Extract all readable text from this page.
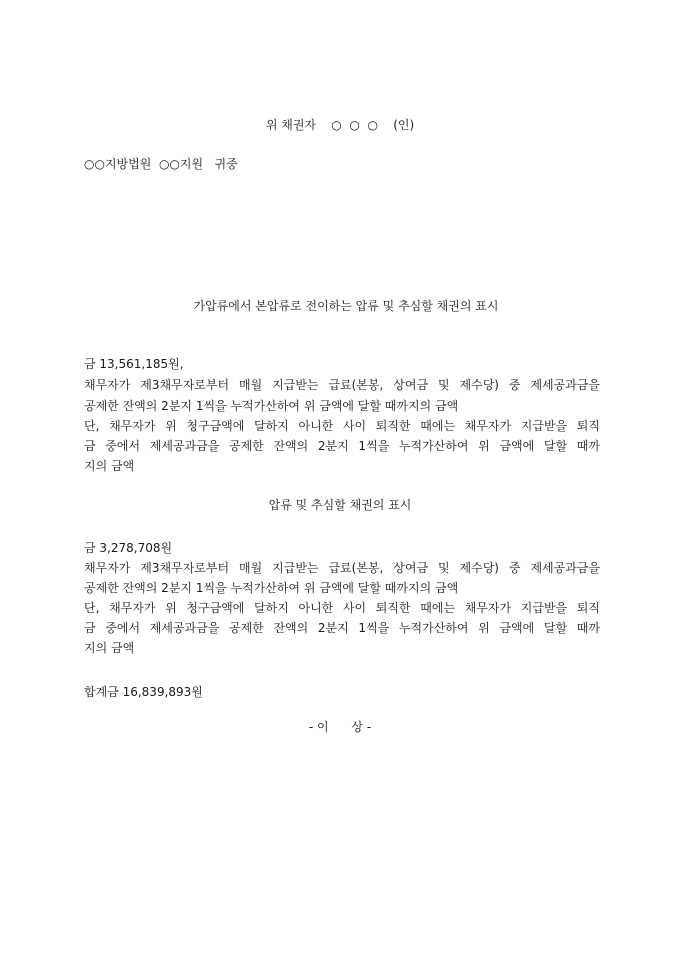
위 채권자    ○  ○  ○    (인)
○○지방법원  ○○지원   귀중
가압류에서 본압류로 전이하는 압류 및 추심할 채권의 표시
금 13,561,185원,
채무자가 제3채무자로부터 매월 지급받는 급료(본봉, 상여금 및 제수당) 중 제세공과금을
공제한 잔액의 2분지 1씩을 누적가산하여 위 금액에 달할 때까지의 금액
단, 채무자가 위 청구금액에 달하지 아니한 사이 퇴직한 때에는 채무자가 지급받을 퇴직
금 중에서 제세공과금을 공제한 잔액의 2분지 1씩을 누적가산하여 위 금액에 달할 때까
지의 금액
압류 및 추심할 채권의 표시
금 3,278,708원
채무자가 제3채무자로부터 매월 지급받는 급료(본봉, 상여금 및 제수당) 중 제세공과금을
공제한 잔액의 2분지 1씩을 누적가산하여 위 금액에 달할 때까지의 금액
단, 채무자가 위 청구금액에 달하지 아니한 사이 퇴직한 때에는 채무자가 지급받을 퇴직
금 중에서 제세공과금을 공제한 잔액의 2분지 1씩을 누적가산하여 위 금액에 달할 때까
지의 금액
합계금 16,839,893원
- 이      상 -
